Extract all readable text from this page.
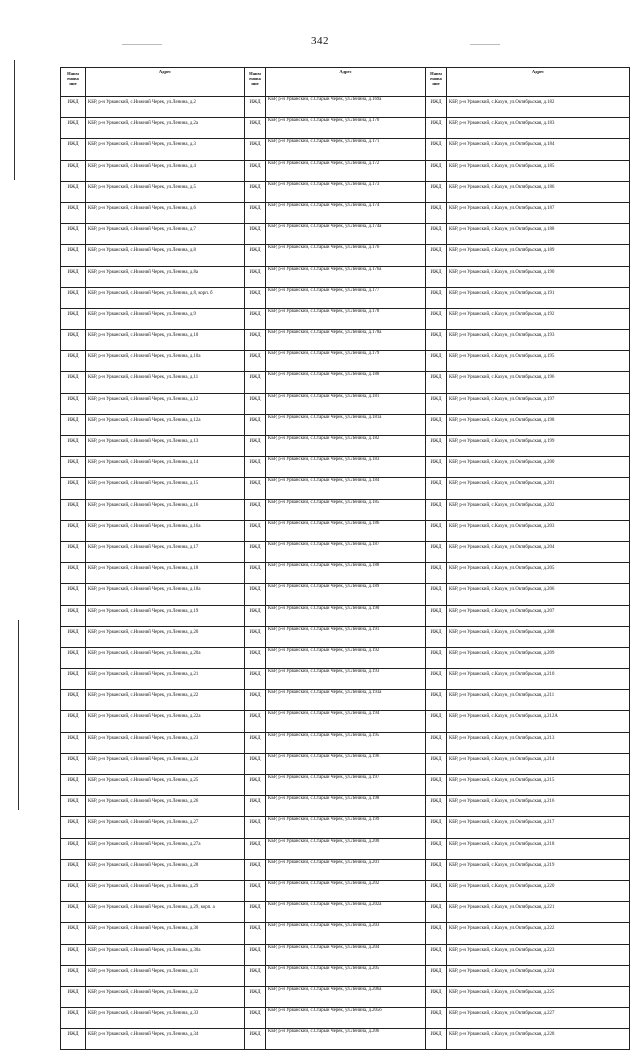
342
Наим енова ние	Адрес	Наим енова ние	Адрес	Наим енова ние	Адрес
ИЖД	КБР, р-н Урванский, с.Нижний Черек, ул.Ленина, д.2	ИЖД	КБР, р-н Урванский, с.Старый Черек, ул.Ленина, д.169а	ИЖД	КБР, р-н Урванский, с.Кахун, ул.Октябрьская, д.182
ИЖД	КБР, р-н Урванский, с.Нижний Черек, ул.Ленина, д.2а	ИЖД	КБР, р-н Урванский, с.Старый Черек, ул.Ленина, д.170	ИЖД	КБР, р-н Урванский, с.Кахун, ул.Октябрьская, д.183
ИЖД	КБР, р-н Урванский, с.Нижний Черек, ул.Ленина, д.3	ИЖД	КБР, р-н Урванский, с.Старый Черек, ул.Ленина, д.171	ИЖД	КБР, р-н Урванский, с.Кахун, ул.Октябрьская, д.184
ИЖД	КБР, р-н Урванский, с.Нижний Черек, ул.Ленина, д.4	ИЖД	КБР, р-н Урванский, с.Старый Черек, ул.Ленина, д.172	ИЖД	КБР, р-н Урванский, с.Кахун, ул.Октябрьская, д.185
ИЖД	КБР, р-н Урванский, с.Нижний Черек, ул.Ленина, д.5	ИЖД	КБР, р-н Урванский, с.Старый Черек, ул.Ленина, д.173	ИЖД	КБР, р-н Урванский, с.Кахун, ул.Октябрьская, д.186
ИЖД	КБР, р-н Урванский, с.Нижний Черек, ул.Ленина, д.6	ИЖД	КБР, р-н Урванский, с.Старый Черек, ул.Ленина, д.174	ИЖД	КБР, р-н Урванский, с.Кахун, ул.Октябрьская, д.187
ИЖД	КБР, р-н Урванский, с.Нижний Черек, ул.Ленина, д.7	ИЖД	КБР, р-н Урванский, с.Старый Черек, ул.Ленина, д.174а	ИЖД	КБР, р-н Урванский, с.Кахун, ул.Октябрьская, д.188
ИЖД	КБР, р-н Урванский, с.Нижний Черек, ул.Ленина, д.8	ИЖД	КБР, р-н Урванский, с.Старый Черек, ул.Ленина, д.176	ИЖД	КБР, р-н Урванский, с.Кахун, ул.Октябрьская, д.189
ИЖД	КБР, р-н Урванский, с.Нижний Черек, ул.Ленина, д.8а	ИЖД	КБР, р-н Урванский, с.Старый Черек, ул.Ленина, д.176а	ИЖД	КБР, р-н Урванский, с.Кахун, ул.Октябрьская, д.190
ИЖД	КБР, р-н Урванский, с.Нижний Черек, ул.Ленина, д.8, корп. б	ИЖД	КБР, р-н Урванский, с.Старый Черек, ул.Ленина, д.177	ИЖД	КБР, р-н Урванский, с.Кахун, ул.Октябрьская, д.191
ИЖД	КБР, р-н Урванский, с.Нижний Черек, ул.Ленина, д.9	ИЖД	КБР, р-н Урванский, с.Старый Черек, ул.Ленина, д.178	ИЖД	КБР, р-н Урванский, с.Кахун, ул.Октябрьская, д.192
ИЖД	КБР, р-н Урванский, с.Нижний Черек, ул.Ленина, д.10	ИЖД	КБР, р-н Урванский, с.Старый Черек, ул.Ленина, д.178а	ИЖД	КБР, р-н Урванский, с.Кахун, ул.Октябрьская, д.193
ИЖД	КБР, р-н Урванский, с.Нижний Черек, ул.Ленина, д.10а	ИЖД	КБР, р-н Урванский, с.Старый Черек, ул.Ленина, д.179	ИЖД	КБР, р-н Урванский, с.Кахун, ул.Октябрьская, д.195
ИЖД	КБР, р-н Урванский, с.Нижний Черек, ул.Ленина, д.11	ИЖД	КБР, р-н Урванский, с.Старый Черек, ул.Ленина, д.180	ИЖД	КБР, р-н Урванский, с.Кахун, ул.Октябрьская, д.196
ИЖД	КБР, р-н Урванский, с.Нижний Черек, ул.Ленина, д.12	ИЖД	КБР, р-н Урванский, с.Старый Черек, ул.Ленина, д.181	ИЖД	КБР, р-н Урванский, с.Кахун, ул.Октябрьская, д.197
ИЖД	КБР, р-н Урванский, с.Нижний Черек, ул.Ленина, д.12а	ИЖД	КБР, р-н Урванский, с.Старый Черек, ул.Ленина, д.181а	ИЖД	КБР, р-н Урванский, с.Кахун, ул.Октябрьская, д.198
ИЖД	КБР, р-н Урванский, с.Нижний Черек, ул.Ленина, д.13	ИЖД	КБР, р-н Урванский, с.Старый Черек, ул.Ленина, д.182	ИЖД	КБР, р-н Урванский, с.Кахун, ул.Октябрьская, д.199
ИЖД	КБР, р-н Урванский, с.Нижний Черек, ул.Ленина, д.14	ИЖД	КБР, р-н Урванский, с.Старый Черек, ул.Ленина, д.183	ИЖД	КБР, р-н Урванский, с.Кахун, ул.Октябрьская, д.200
ИЖД	КБР, р-н Урванский, с.Нижний Черек, ул.Ленина, д.15	ИЖД	КБР, р-н Урванский, с.Старый Черек, ул.Ленина, д.184	ИЖД	КБР, р-н Урванский, с.Кахун, ул.Октябрьская, д.201
ИЖД	КБР, р-н Урванский, с.Нижний Черек, ул.Ленина, д.16	ИЖД	КБР, р-н Урванский, с.Старый Черек, ул.Ленина, д.185	ИЖД	КБР, р-н Урванский, с.Кахун, ул.Октябрьская, д.202
ИЖД	КБР, р-н Урванский, с.Нижний Черек, ул.Ленина, д.16а	ИЖД	КБР, р-н Урванский, с.Старый Черек, ул.Ленина, д.186	ИЖД	КБР, р-н Урванский, с.Кахун, ул.Октябрьская, д.203
ИЖД	КБР, р-н Урванский, с.Нижний Черек, ул.Ленина, д.17	ИЖД	КБР, р-н Урванский, с.Старый Черек, ул.Ленина, д.187	ИЖД	КБР, р-н Урванский, с.Кахун, ул.Октябрьская, д.204
ИЖД	КБР, р-н Урванский, с.Нижний Черек, ул.Ленина, д.18	ИЖД	КБР, р-н Урванский, с.Старый Черек, ул.Ленина, д.188	ИЖД	КБР, р-н Урванский, с.Кахун, ул.Октябрьская, д.205
ИЖД	КБР, р-н Урванский, с.Нижний Черек, ул.Ленина, д.18а	ИЖД	КБР, р-н Урванский, с.Старый Черек, ул.Ленина, д.189	ИЖД	КБР, р-н Урванский, с.Кахун, ул.Октябрьская, д.206
ИЖД	КБР, р-н Урванский, с.Нижний Черек, ул.Ленина, д.19	ИЖД	КБР, р-н Урванский, с.Старый Черек, ул.Ленина, д.190	ИЖД	КБР, р-н Урванский, с.Кахун, ул.Октябрьская, д.207
ИЖД	КБР, р-н Урванский, с.Нижний Черек, ул.Ленина, д.20	ИЖД	КБР, р-н Урванский, с.Старый Черек, ул.Ленина, д.191	ИЖД	КБР, р-н Урванский, с.Кахун, ул.Октябрьская, д.208
ИЖД	КБР, р-н Урванский, с.Нижний Черек, ул.Ленина, д.20а	ИЖД	КБР, р-н Урванский, с.Старый Черек, ул.Ленина, д.192	ИЖД	КБР, р-н Урванский, с.Кахун, ул.Октябрьская, д.209
ИЖД	КБР, р-н Урванский, с.Нижний Черек, ул.Ленина, д.21	ИЖД	КБР, р-н Урванский, с.Старый Черек, ул.Ленина, д.193	ИЖД	КБР, р-н Урванский, с.Кахун, ул.Октябрьская, д.210
ИЖД	КБР, р-н Урванский, с.Нижний Черек, ул.Ленина, д.22	ИЖД	КБР, р-н Урванский, с.Старый Черек, ул.Ленина, д.193а	ИЖД	КБР, р-н Урванский, с.Кахун, ул.Октябрьская, д.211
ИЖД	КБР, р-н Урванский, с.Нижний Черек, ул.Ленина, д.22а	ИЖД	КБР, р-н Урванский, с.Старый Черек, ул.Ленина, д.194	ИЖД	КБР, р-н Урванский, с.Кахун, ул.Октябрьская, д.212А
ИЖД	КБР, р-н Урванский, с.Нижний Черек, ул.Ленина, д.23	ИЖД	КБР, р-н Урванский, с.Старый Черек, ул.Ленина, д.195	ИЖД	КБР, р-н Урванский, с.Кахун, ул.Октябрьская, д.213
ИЖД	КБР, р-н Урванский, с.Нижний Черек, ул.Ленина, д.24	ИЖД	КБР, р-н Урванский, с.Старый Черек, ул.Ленина, д.196	ИЖД	КБР, р-н Урванский, с.Кахун, ул.Октябрьская, д.214
ИЖД	КБР, р-н Урванский, с.Нижний Черек, ул.Ленина, д.25	ИЖД	КБР, р-н Урванский, с.Старый Черек, ул.Ленина, д.197	ИЖД	КБР, р-н Урванский, с.Кахун, ул.Октябрьская, д.215
ИЖД	КБР, р-н Урванский, с.Нижний Черек, ул.Ленина, д.26	ИЖД	КБР, р-н Урванский, с.Старый Черек, ул.Ленина, д.198	ИЖД	КБР, р-н Урванский, с.Кахун, ул.Октябрьская, д.216
ИЖД	КБР, р-н Урванский, с.Нижний Черек, ул.Ленина, д.27	ИЖД	КБР, р-н Урванский, с.Старый Черек, ул.Ленина, д.199	ИЖД	КБР, р-н Урванский, с.Кахун, ул.Октябрьская, д.217
ИЖД	КБР, р-н Урванский, с.Нижний Черек, ул.Ленина, д.27а	ИЖД	КБР, р-н Урванский, с.Старый Черек, ул.Ленина, д.200	ИЖД	КБР, р-н Урванский, с.Кахун, ул.Октябрьская, д.218
ИЖД	КБР, р-н Урванский, с.Нижний Черек, ул.Ленина, д.28	ИЖД	КБР, р-н Урванский, с.Старый Черек, ул.Ленина, д.201	ИЖД	КБР, р-н Урванский, с.Кахун, ул.Октябрьская, д.219
ИЖД	КБР, р-н Урванский, с.Нижний Черек, ул.Ленина, д.29	ИЖД	КБР, р-н Урванский, с.Старый Черек, ул.Ленина, д.202	ИЖД	КБР, р-н Урванский, с.Кахун, ул.Октябрьская, д.220
ИЖД	КБР, р-н Урванский, с.Нижний Черек, ул.Ленина, д.29, корп. а	ИЖД	КБР, р-н Урванский, с.Старый Черек, ул.Ленина, д.202а	ИЖД	КБР, р-н Урванский, с.Кахун, ул.Октябрьская, д.221
ИЖД	КБР, р-н Урванский, с.Нижний Черек, ул.Ленина, д.30	ИЖД	КБР, р-н Урванский, с.Старый Черек, ул.Ленина, д.203	ИЖД	КБР, р-н Урванский, с.Кахун, ул.Октябрьская, д.222
ИЖД	КБР, р-н Урванский, с.Нижний Черек, ул.Ленина, д.30а	ИЖД	КБР, р-н Урванский, с.Старый Черек, ул.Ленина, д.204	ИЖД	КБР, р-н Урванский, с.Кахун, ул.Октябрьская, д.223
ИЖД	КБР, р-н Урванский, с.Нижний Черек, ул.Ленина, д.31	ИЖД	КБР, р-н Урванский, с.Старый Черек, ул.Ленина, д.205	ИЖД	КБР, р-н Урванский, с.Кахун, ул.Октябрьская, д.224
ИЖД	КБР, р-н Урванский, с.Нижний Черек, ул.Ленина, д.32	ИЖД	КБР, р-н Урванский, с.Старый Черек, ул.Ленина, д.206а	ИЖД	КБР, р-н Урванский, с.Кахун, ул.Октябрьская, д.225
ИЖД	КБР, р-н Урванский, с.Нижний Черек, ул.Ленина, д.33	ИЖД	КБР, р-н Урванский, с.Старый Черек, ул.Ленина, д.205б	ИЖД	КБР, р-н Урванский, с.Кахун, ул.Октябрьская, д.227
ИЖД	КБР, р-н Урванский, с.Нижний Черек, ул.Ленина, д.34	ИЖД	КБР, р-н Урванский, с.Старый Черек, ул.Ленина, д.206	ИЖД	КБР, р-н Урванский, с.Кахун, ул.Октябрьская, д.228
